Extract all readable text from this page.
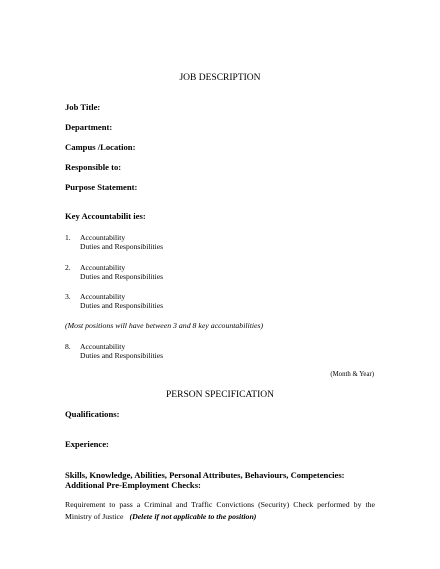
JOB DESCRIPTION
Job Title:
Department:
Campus /Location:
Responsible to:
Purpose Statement:
Key Accountabilit ies:
1. Accountability
Duties and Responsibilities
2. Accountability
Duties and Responsibilities
3. Accountability
Duties and Responsibilities
(Most positions will have between 3 and 8 key accountabilities)
8. Accountability
Duties and Responsibilities
(Month & Year)
PERSON SPECIFICATION
Qualifications:
Experience:
Skills, Knowledge, Abilities, Personal Attributes, Behaviours, Competencies:
Additional Pre-Employment Checks:
Requirement to pass a Criminal and Traffic Convictions (Security) Check performed by the Ministry of Justice (Delete if not applicable to the position)
